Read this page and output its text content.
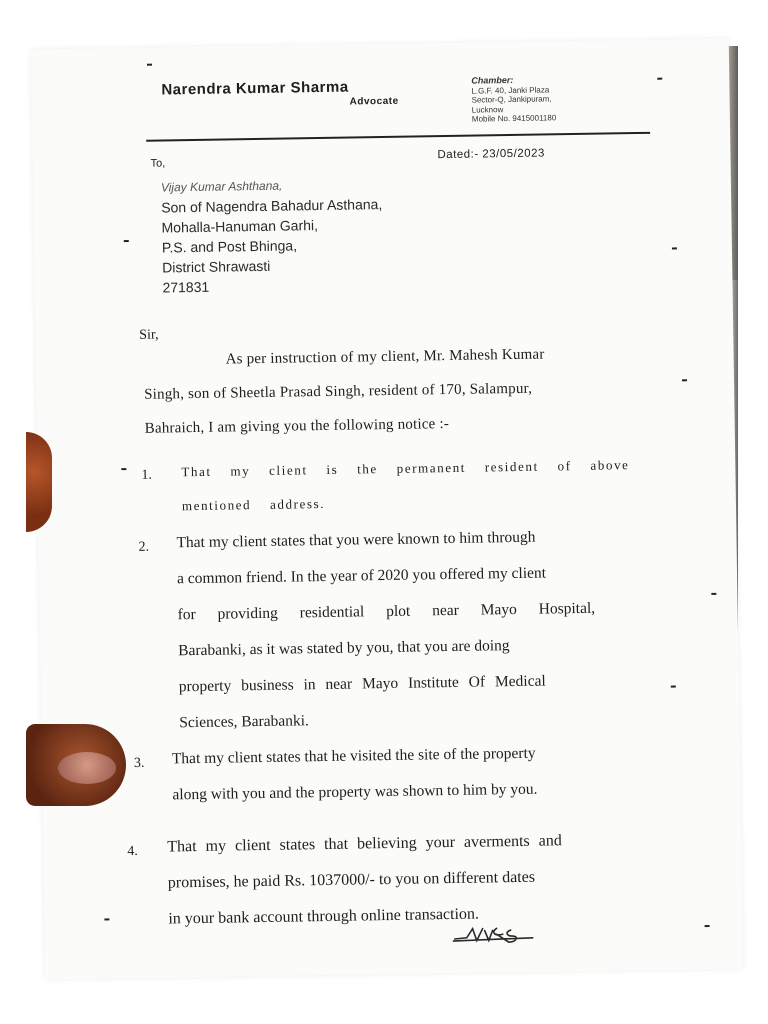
Narendra Kumar Sharma
Advocate
Chamber:
L.G.F. 40, Janki Plaza
Sector-Q, Jankipuram,
Lucknow
Mobile No. 9415001180
To,
Dated:- 23/05/2023
Vijay Kumar Ashthana,
Son of Nagendra Bahadur Asthana,
Mohalla-Hanuman Garhi,
P.S. and Post Bhinga,
District Shrawasti
271831
Sir,
As per instruction of my client, Mr. Mahesh Kumar
Singh, son of Sheetla Prasad Singh, resident of 170, Salampur,
Bahraich, I am giving you the following notice :-
1. That my client is the permanent resident of above
mentioned address.
2. That my client states that you were known to him through
a common friend. In the year of 2020 you offered my client
for providing residential plot near Mayo Hospital,
Barabanki, as it was stated by you, that you are doing
property business in near Mayo Institute Of Medical
Sciences, Barabanki.
3. That my client states that he visited the site of the property
along with you and the property was shown to him by you.
4. That my client states that believing your averments and
promises, he paid Rs. 1037000/- to you on different dates
in your bank account through online transaction.
